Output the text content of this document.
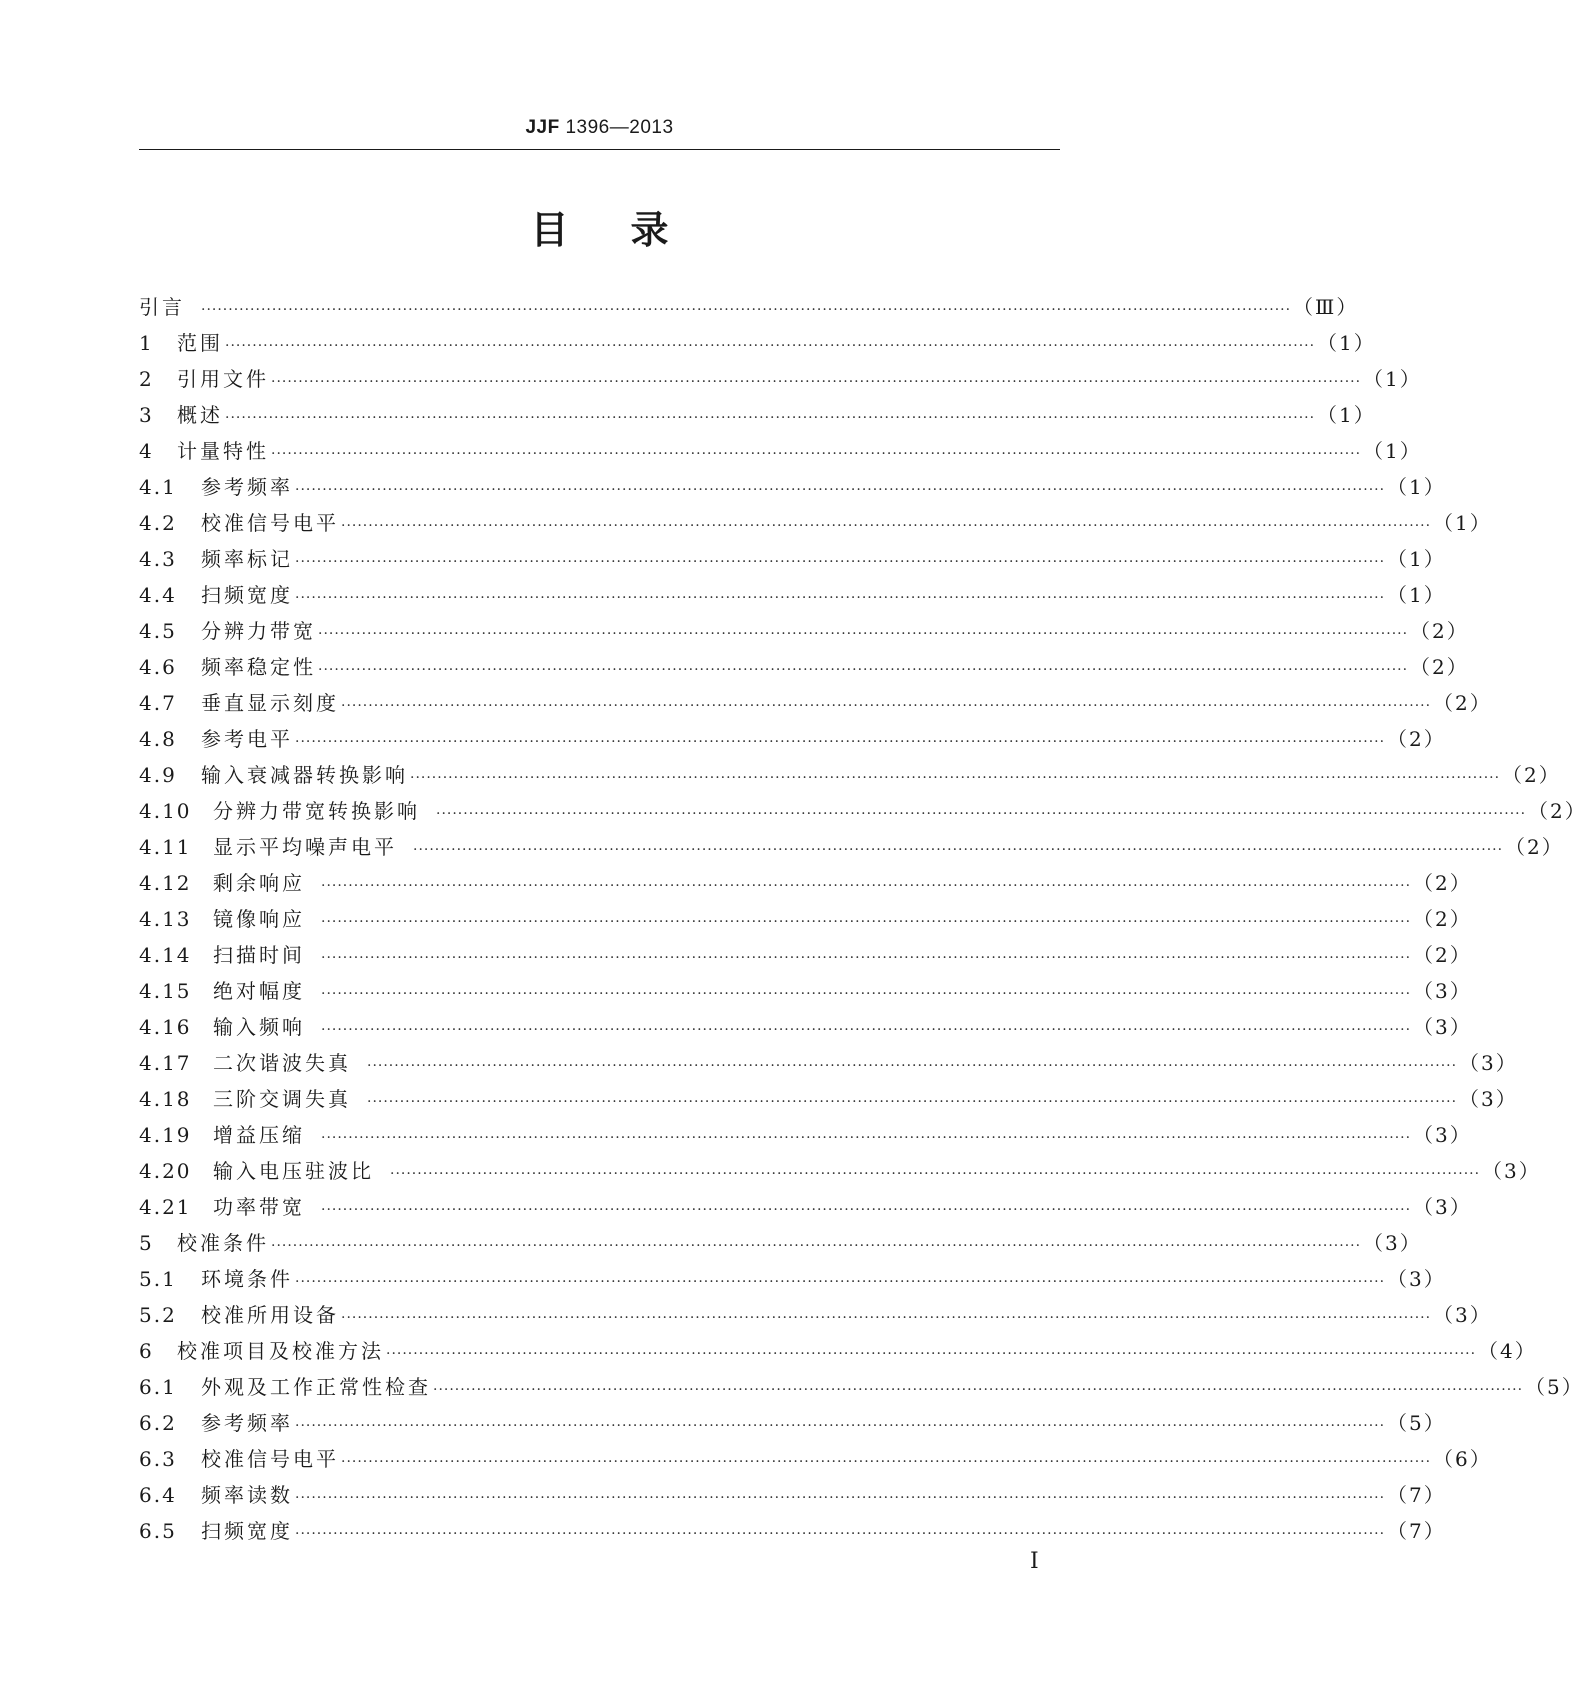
JJF 1396—2013
目录
引言 ········································································································································································································ （Ⅲ）
1	范围 ········································································································································································································ （1）
2	引用文件 ········································································································································································································ （1）
3	概述 ········································································································································································································ （1）
4	计量特性 ········································································································································································································ （1）
4.1	参考频率 ········································································································································································································ （1）
4.2	校准信号电平 ········································································································································································································ （1）
4.3	频率标记 ········································································································································································································ （1）
4.4	扫频宽度 ········································································································································································································ （1）
4.5	分辨力带宽 ········································································································································································································ （2）
4.6	频率稳定性 ········································································································································································································ （2）
4.7	垂直显示刻度 ········································································································································································································ （2）
4.8	参考电平 ········································································································································································································ （2）
4.9	输入衰减器转换影响 ········································································································································································································ （2）
4.10	分辨力带宽转换影响 ········································································································································································································ （2）
4.11	显示平均噪声电平 ········································································································································································································ （2）
4.12	剩余响应 ········································································································································································································ （2）
4.13	镜像响应 ········································································································································································································ （2）
4.14	扫描时间 ········································································································································································································ （2）
4.15	绝对幅度 ········································································································································································································ （3）
4.16	输入频响 ········································································································································································································ （3）
4.17	二次谐波失真 ········································································································································································································ （3）
4.18	三阶交调失真 ········································································································································································································ （3）
4.19	增益压缩 ········································································································································································································ （3）
4.20	输入电压驻波比 ········································································································································································································ （3）
4.21	功率带宽 ········································································································································································································ （3）
5	校准条件 ········································································································································································································ （3）
5.1	环境条件 ········································································································································································································ （3）
5.2	校准所用设备 ········································································································································································································ （3）
6	校准项目及校准方法 ········································································································································································································ （4）
6.1	外观及工作正常性检查 ········································································································································································································ （5）
6.2	参考频率 ········································································································································································································ （5）
6.3	校准信号电平 ········································································································································································································ （6）
6.4	频率读数 ········································································································································································································ （7）
6.5	扫频宽度 ········································································································································································································ （7）
Ⅰ
